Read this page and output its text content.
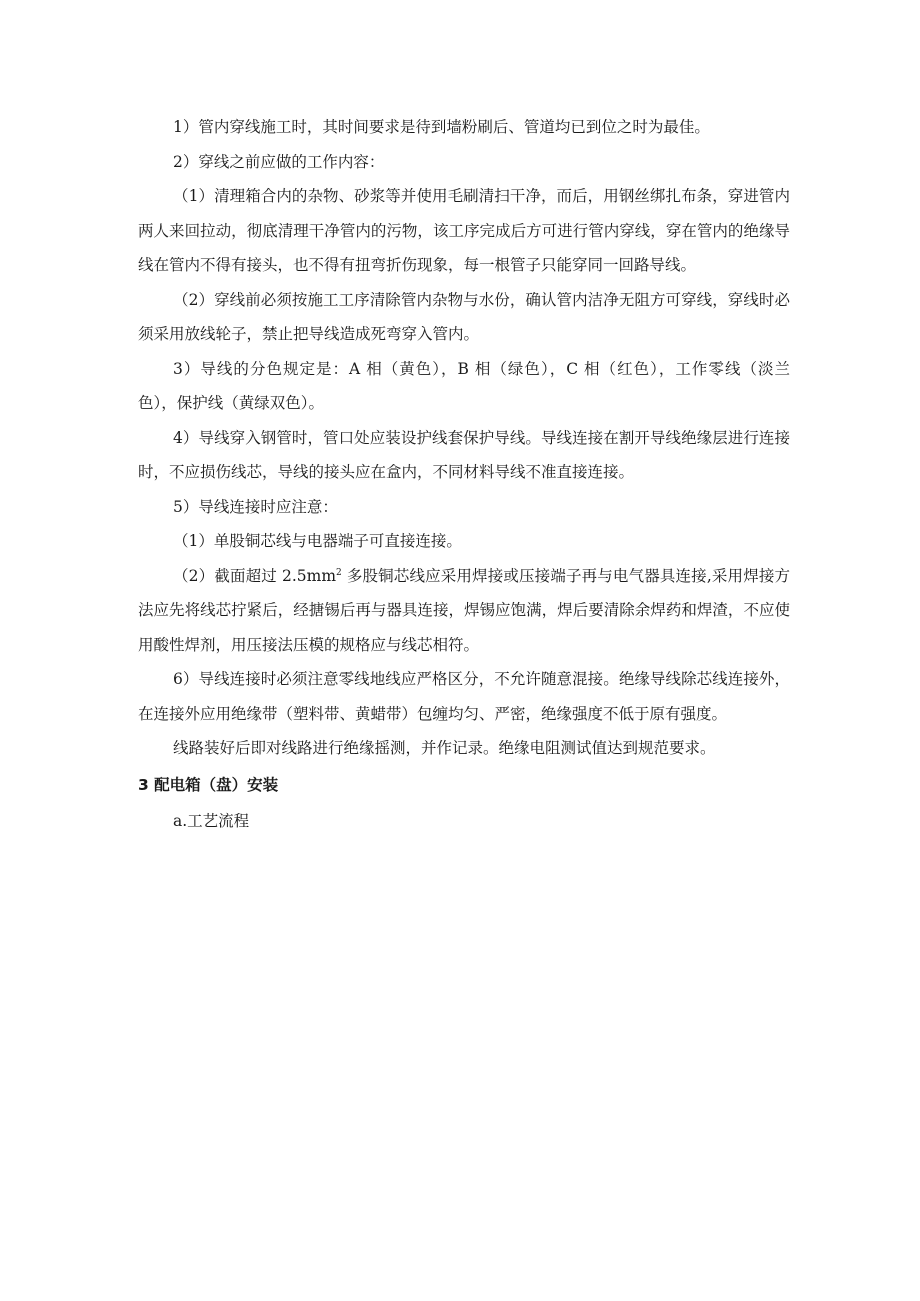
1）管内穿线施工时，其时间要求是待到墙粉刷后、管道均已到位之时为最佳。

2）穿线之前应做的工作内容：

（1）清理箱合内的杂物、砂浆等并使用毛刷清扫干净，而后，用钢丝绑扎布条，穿进管内两人来回拉动，彻底清理干净管内的污物，该工序完成后方可进行管内穿线，穿在管内的绝缘导线在管内不得有接头，也不得有扭弯折伤现象，每一根管子只能穿同一回路导线。

（2）穿线前必须按施工工序清除管内杂物与水份，确认管内洁净无阻方可穿线，穿线时必须采用放线轮子，禁止把导线造成死弯穿入管内。

3）导线的分色规定是：A 相（黄色），B 相（绿色），C 相（红色），工作零线（淡兰色），保护线（黄绿双色）。

4）导线穿入钢管时，管口处应装设护线套保护导线。导线连接在割开导线绝缘层进行连接时，不应损伤线芯，导线的接头应在盒内，不同材料导线不准直接连接。

5）导线连接时应注意：

（1）单股铜芯线与电器端子可直接连接。

（2）截面超过 $2.5mm^2$ 多股铜芯线应采用焊接或压接端子再与电气器具连接,采用焊接方法应先将线芯拧紧后，经搪锡后再与器具连接，焊锡应饱满，焊后要清除余焊药和焊渣，不应使用酸性焊剂，用压接法压模的规格应与线芯相符。

6）导线连接时必须注意零线地线应严格区分，不允许随意混接。绝缘导线除芯线连接外，在连接外应用绝缘带（塑料带、黄蜡带）包缠均匀、严密，绝缘强度不低于原有强度。

线路装好后即对线路进行绝缘摇测，并作记录。绝缘电阻测试值达到规范要求。

3 配电箱（盘）安装

a.工艺流程
